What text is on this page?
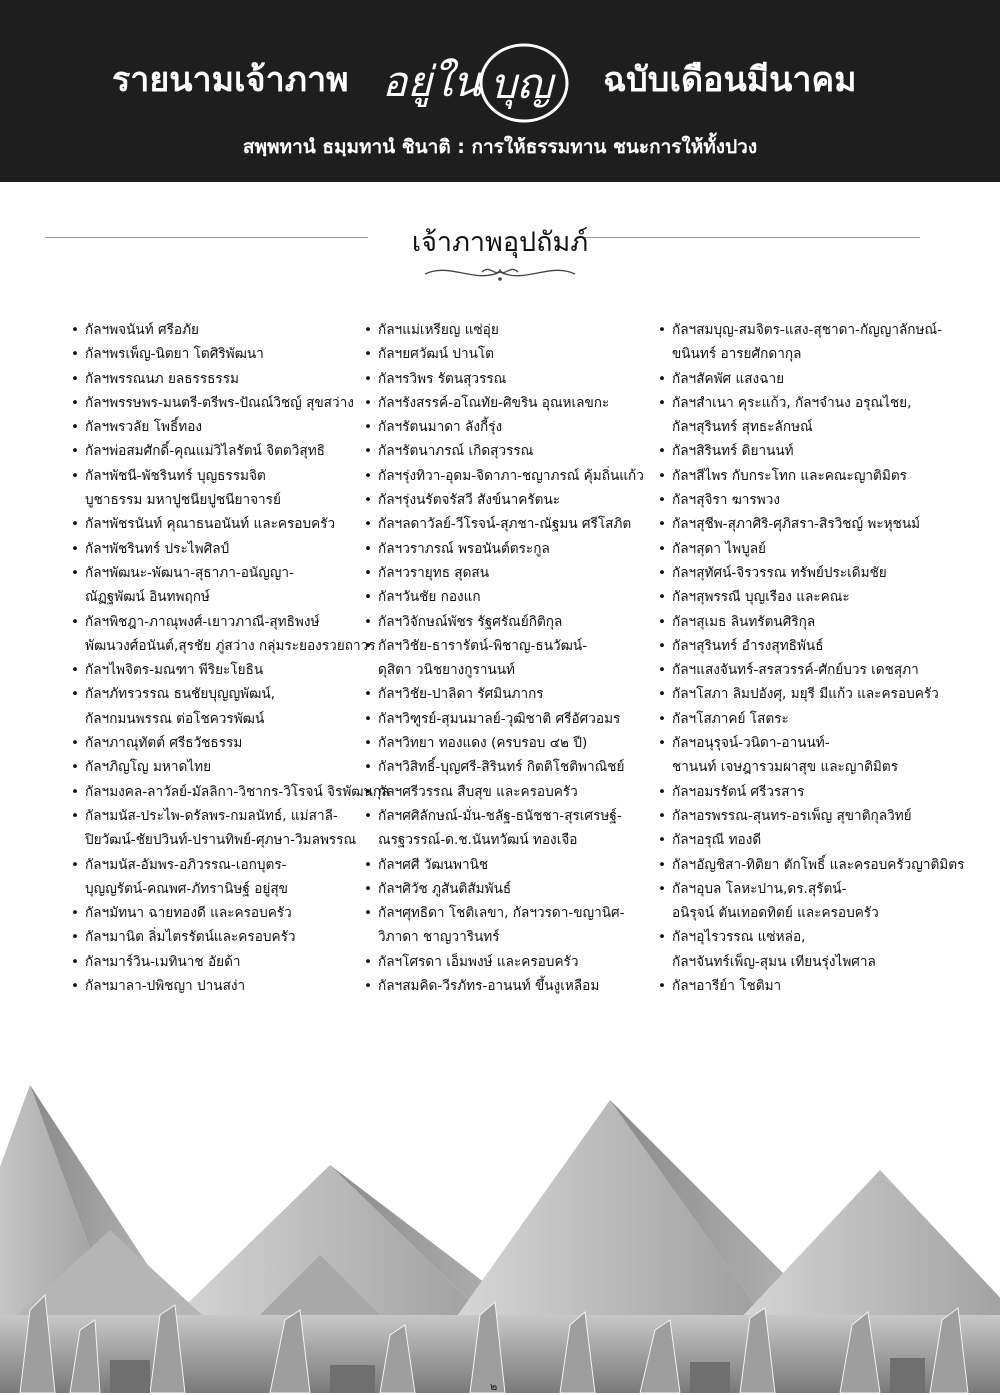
รายนามเจ้าภาพ อยู่ใน บุญ ฉบับเดือนมีนาคม
สพฺพทานํ ธมฺมทานํ ชินาติ : การให้ธรรมทาน ชนะการให้ทั้งปวง
เจ้าภาพอุปถัมภ์
• กัลฯพจนันท์ ศรีอภัย
• กัลฯพรเพ็ญ-นิตยา โตศิริพัฒนา
• กัลฯพรรณนภ ยลธรรธรรม
• กัลฯพรรษพร-มนตรี-ตรีพร-ปัณณ์วิชญ์ สุขสว่าง
• กัลฯพรวลัย โพธิ์ทอง
• กัลฯพ่อสมศักดิ์-คุณแม่วิไลรัตน์ จิตตวิสุทธิ
• กัลฯพัชนี-พัชรินทร์ บุญธรรมจิต
บูชาธรรม มหาปูชนียปูชนียาจารย์
• กัลฯพัชรนันท์ คุณาธนอนันท์ และครอบครัว
• กัลฯพัชรินทร์ ประไพศิลป์
• กัลฯพัฒนะ-พัฒนา-สุธาภา-อนัญญา-
ณัฏฐพัฒน์ อินทพฤกษ์
• กัลฯพิชฎา-ภาณุพงศ์-เยาวภาณี-สุทธิพงษ์
พัฒนวงศ์อนันต์,สุรชัย ภู่สว่าง กลุ่มระยองรวยถาวร
• กัลฯไพจิตร-มณฑา พีริยะโยธิน
• กัลฯภัทรวรรณ ธนชัยบุญญพัฒน์,
กัลฯกมนพรรณ ต่อโชควรพัฒน์
• กัลฯภาณุทัตต์ ศรีธวัชธรรม
• กัลฯภิญโญ มหาดไทย
• กัลฯมงคล-ลาวัลย์-มัลลิกา-วิชากร-วิโรจน์ จิรพัฒนกุล
• กัลฯมนัส-ประไพ-ดรัลพร-กมลนัทธ์, แม่สาลี-
ปิยวัฒน์-ชัยปวินท์-ปรานทิพย์-ศุภษา-วิมลพรรณ
• กัลฯมนัส-อัมพร-อภิวรรณ-เอกบุตร-
บุญญรัตน์-คณพศ-ภัทรานิษฐ์ อยู่สุข
• กัลฯมัทนา ฉายทองดี และครอบครัว
• กัลฯมานิต ลิ่มไตรรัตน์และครอบครัว
• กัลฯมาร์วิน-เมทินาช อัยด้า
• กัลฯมาลา-ปพิชญา ปานสง่า
• กัลฯแม่เหรียญ แซ่อุ่ย
• กัลฯยศวัฒน์ ปานโต
• กัลฯรวิพร รัตนสุวรรณ
• กัลฯรังสรรค์-อโณทัย-ศิขริน อุณหเลขกะ
• กัลฯรัตนมาดา ลังกี้รุ่ง
• กัลฯรัตนาภรณ์ เกิดสุวรรณ
• กัลฯรุ่งทิวา-อุดม-จิดาภา-ชญาภรณ์ คุ้มถิ่นแก้ว
• กัลฯรุ่งนรัตจรัสวี สังข์นาครัตนะ
• กัลฯลดาวัลย์-วีโรจน์-สุภชา-ณัฐมน ศรีโสภิต
• กัลฯวราภรณ์ พรอนันต์ตระกูล
• กัลฯวรายุทธ สุดสน
• กัลฯวันชัย กองแก
• กัลฯวิจักษณ์พัชร รัฐศรัณย์กิติกุล
• กัลฯวิชัย-ธารารัตน์-พิชาญ-ธนวัฒน์-
ดุสิตา วนิชยางกูรานนท์
• กัลฯวิชัย-ปาลิดา รัศมินภากร
• กัลฯวิฑูรย์-สุมนมาลย์-วุฒิชาติ ศรีอัศวอมร
• กัลฯวิทยา ทองแดง (ครบรอบ ๔๒ ปี)
• กัลฯวิสิทธิ์-บุญศรี-สิรินทร์ กิตติโชติพาณิชย์
• กัลฯศรีวรรณ สืบสุข และครอบครัว
• กัลฯศศิลักษณ์-มั่น-ชลัฐ-ธนัชชา-สุรเศรษฐ์-
ณรฐวรรณ์-ด.ช.นันทวัฒน์ ทองเจือ
• กัลฯศศี วัฒนพานิช
• กัลฯศิวัช ภูสันติสัมพันธ์
• กัลฯศุทธิดา โชติเลขา, กัลฯวรดา-ขญานิศ-
วิภาดา ชาญวารินทร์
• กัลฯโศรดา เอ็มพงษ์ และครอบครัว
• กัลฯสมคิด-วีรภัทร-อานนท์ ขึ้นงูเหลือม
• กัลฯสมบุญ-สมจิตร-แสง-สุชาดา-กัญญาลักษณ์-
ขนินทร์ อารยศักดากุล
• กัลฯสัคพัศ แสงฉาย
• กัลฯสำเนา คุระแก้ว, กัลฯจำนง อรุณไชย,
กัลฯสุรินทร์ สุทธะลักษณ์
• กัลฯสิรินทร์ ดิยานนท์
• กัลฯสีไพร กับกระโทก และคณะญาติมิตร
• กัลฯสุจิรา ฆารพวง
• กัลฯสุชีพ-สุภาศิริ-ศุภิสรา-สิรวิชญ์ พะหุชนม์
• กัลฯสุดา ไพบูลย์
• กัลฯสุทัศน์-จิรวรรณ ทรัพย์ประเดิมชัย
• กัลฯสุพรรณี บุญเรือง และคณะ
• กัลฯสุเมธ ลินทรัตนศิริกุล
• กัลฯสุรินทร์ อำรงสุทธิพันธ์
• กัลฯแสงจันทร์-สรสวรรค์-ศักย์บวร เดชสุภา
• กัลฯโสภา ลิมปอังศุ, มยุรี มีแก้ว และครอบครัว
• กัลฯโสภาคย์ โสตระ
• กัลฯอนุรุจน์-วนิดา-อานนท์-
ชานนท์ เจษฎารวมผาสุข และญาติมิตร
• กัลฯอมรรัตน์ ศรีวรสาร
• กัลฯอรพรรณ-สุนทร-อรเพ็ญ สุขาติกุลวิทย์
• กัลฯอรุณี ทองดี
• กัลฯอัญชิสา-ทิติยา ตักโพธิ์ และครอบครัวญาติมิตร
• กัลฯอุบล โลหะปาน,ดร.สุรัตน์-
อนิรุจน์ ตันเทอดทิตย์ และครอบครัว
• กัลฯอุไรวรรณ แซ่หล่อ,
กัลฯจันทร์เพ็ญ-สุมน เทียนรุ่งไพศาล
• กัลฯอารีย์า โชติมา
๒
